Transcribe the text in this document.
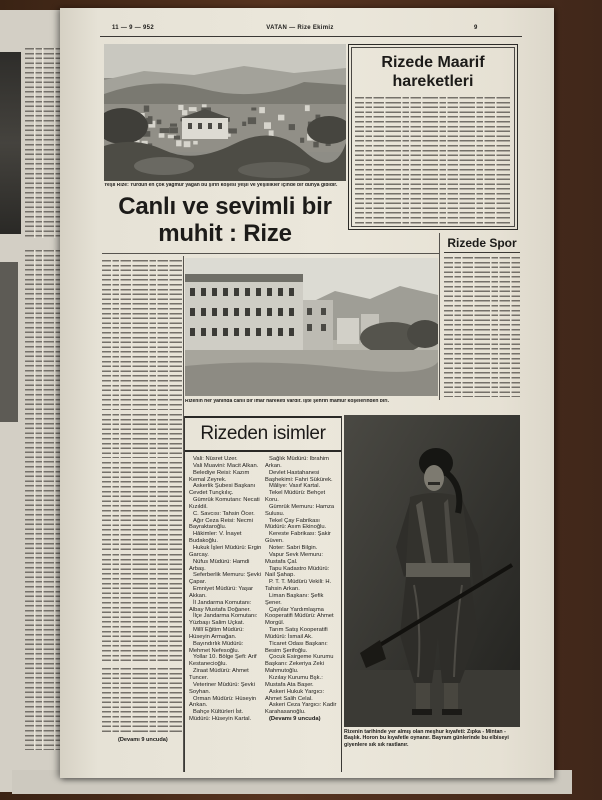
11 — 9 — 952	VATAN — Rize Ekimiz	9
Yeşil Rize: Yurdun en çok yağmur yağan bu şirin köşesi yeşil ve yeşillikler içinde bir dünya gibidir.
Canlı ve sevimli bir
muhit : Rize
Rizede Maarif
hareketleri
(Devamı 9 uncuda)
Rizenin her yanında canlı bir imar hareketi vardır. İşte şehrin mamur köşelerinden biri.
Rizede Spor
Rizeden isimler
Vali: Nüsret Uzer.
Vali Muavini: Macit Alkan.
Belediye Reisi: Kazım Kemal Zeyrek.
Askerlik Şubesi Başkanı Cevdet Tunçkılıç.
Gümrük Komutanı: Necati Kızıldil.
C. Savcısı: Tahsin Öcer.
Ağır Ceza Reisi: Necmi Bayraktaroğlu.
Hâkimler: V. İnayet Budakoğlu.
Hukuk İşleri Müdürü: Ergin Garcay.
Nüfus Müdürü: Hamdi Arbaş.
Seferberlik Memuru: Şevki Çapar.
Emniyet Müdürü: Yaşar Akkan.
İl Jandarma Komutanı: Albay Mustafa Doğaner.
İlçe Jandarma Komutanı: Yüzbaşı Salim Uçkat.
Millî Eğitim Müdürü: Hüseyin Armağan.
Bayındırlık Müdürü: Mehmet Nefesoğlu.
Yollar 10. Bölge Şefi: Arif Kestanecioğlu.
Ziraat Müdürü: Ahmet Tuncer.
Veteriner Müdürü: Şevki Soyhan.
Orman Müdürü: Hüseyin Arıkan.
Bahçe Kültürleri İst. Müdürü: Hüseyin Kartal.
Sağlık Müdürü: İbrahim Arkan.
Devlet Hastahanesi Başhekimi: Fahri Sükürek.
Mâliye: Vasıf Kartal.
Tekel Müdürü: Behçet Koru.
Gümrük Memuru: Hamza Sulusu.
Tekel Çay Fabrikası Müdürü: Asım Ekinoğlu.
Kereste Fabrikası: Şakir Güven.
Noter: Sabri Bilgin.
Vapur Sevk Memuru: Mustafa Çal.
Tapu Kadastro Müdürü: Nail Şahap.
P. T. T. Müdürü Vekili: H. Tahsin Arkan.
Liman Başkanı: Şefik Şener.
Çaylılar Yardımlaşma Kooperatifi Müdürü: Ahmet Morgül.
Tarım Satış Kooperatifi Müdürü: İsmail Ak.
Ticaret Odası Başkanı: Besim Şerifoğlu.
Çocuk Esirgeme Kurumu Başkanı: Zekeriya Zeki Mahmutoğlu.
Kızılay Kurumu Bşk.: Mustafa Ata Başer.
Askeri Hukuk Yargıcı: Ahmet Salih Celal.
Askeri Ceza Yargıcı: Kadir Karahasanoğlu.
(Devamı 9 uncuda)
Rizenin tarihinde yer almış olan meşhur kıyafeti: Zıpka - Mintan - Başlık. Horon bu kıyafetle oynanır. Bayram günlerinde bu elbiseyi giyenlere sık sık rastlanır.
